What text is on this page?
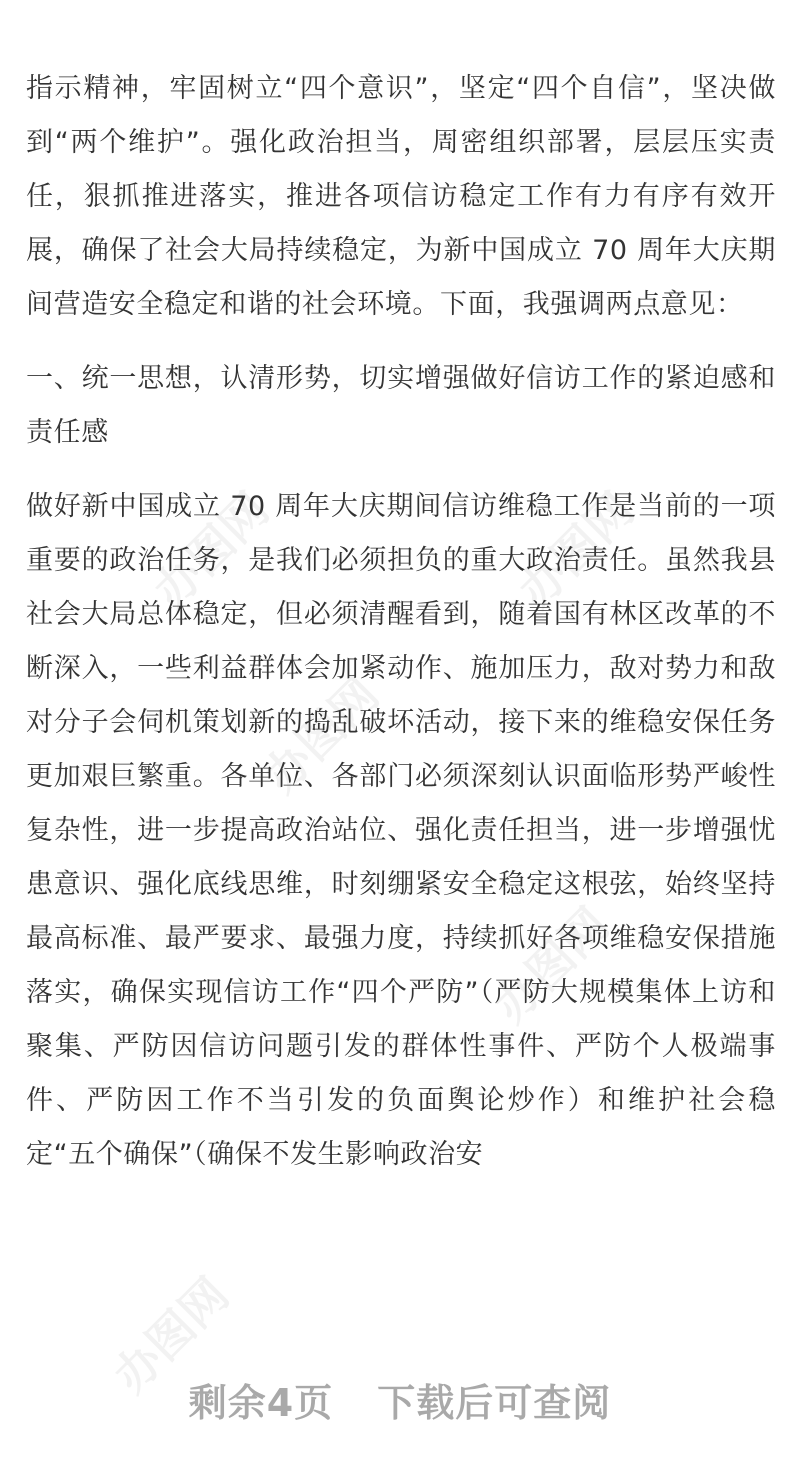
办图网	办图网
办图网
办图网
办图网

指示精神，牢固树立“四个意识”，坚定“四个自信”，坚决做到“两个维护”。强化政治担当，周密组织部署，层层压实责任，狠抓推进落实，推进各项信访稳定工作有力有序有效开展，确保了社会大局持续稳定，为新中国成立 70 周年大庆期间营造安全稳定和谐的社会环境。下面，我强调两点意见：

一、统一思想，认清形势，切实增强做好信访工作的紧迫感和责任感

做好新中国成立 70 周年大庆期间信访维稳工作是当前的一项重要的政治任务，是我们必须担负的重大政治责任。虽然我县社会大局总体稳定，但必须清醒看到，随着国有林区改革的不断深入，一些利益群体会加紧动作、施加压力，敌对势力和敌对分子会伺机策划新的捣乱破坏活动，接下来的维稳安保任务更加艰巨繁重。各单位、各部门必须深刻认识面临形势严峻性复杂性，进一步提高政治站位、强化责任担当，进一步增强忧患意识、强化底线思维，时刻绷紧安全稳定这根弦，始终坚持最高标准、最严要求、最强力度，持续抓好各项维稳安保措施落实，确保实现信访工作“四个严防”（严防大规模集体上访和聚集、严防因信访问题引发的群体性事件、严防个人极端事件、严防因工作不当引发的负面舆论炒作）和维护社会稳定“五个确保”（确保不发生影响政治安

剩余4页 下载后可查阅
